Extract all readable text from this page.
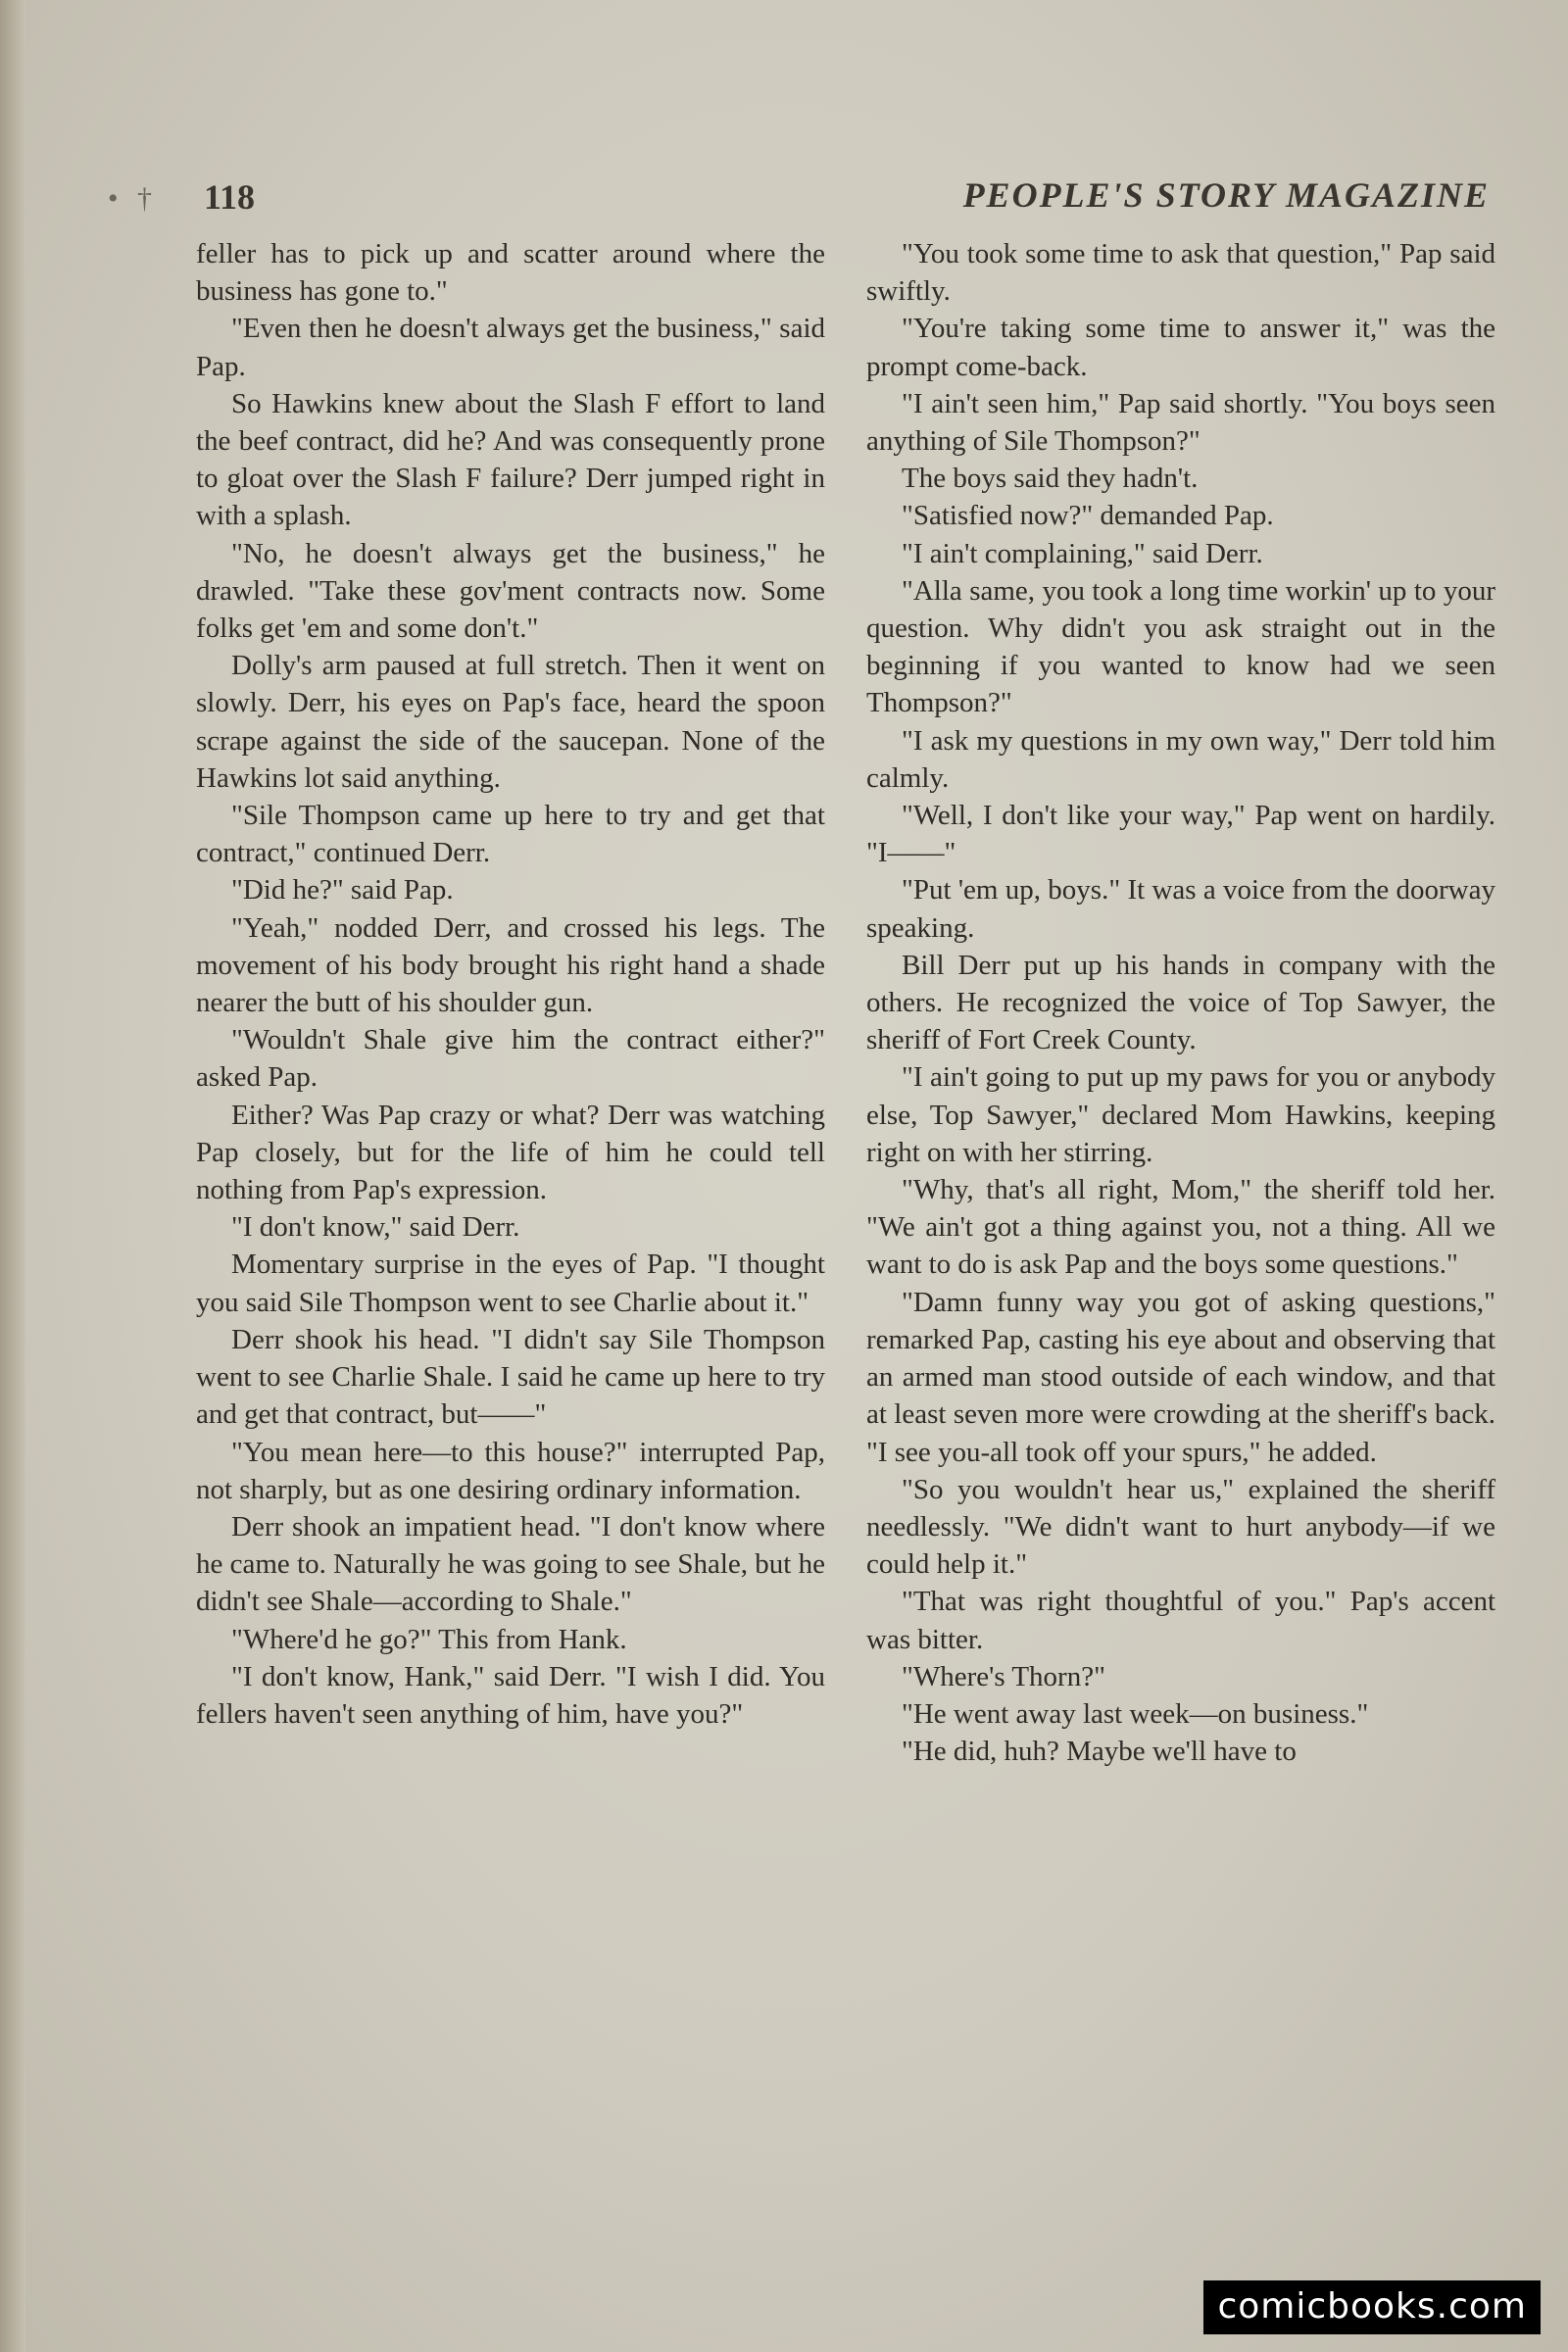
• † 118	PEOPLE'S STORY MAGAZINE

feller has to pick up and scatter around where the business has gone to."

"Even then he doesn't always get the business," said Pap.

So Hawkins knew about the Slash F effort to land the beef contract, did he? And was consequently prone to gloat over the Slash F failure? Derr jumped right in with a splash.

"No, he doesn't always get the business," he drawled. "Take these gov'ment contracts now. Some folks get 'em and some don't."

Dolly's arm paused at full stretch. Then it went on slowly. Derr, his eyes on Pap's face, heard the spoon scrape against the side of the saucepan. None of the Hawkins lot said anything.

"Sile Thompson came up here to try and get that contract," continued Derr.

"Did he?" said Pap.

"Yeah," nodded Derr, and crossed his legs. The movement of his body brought his right hand a shade nearer the butt of his shoulder gun.

"Wouldn't Shale give him the contract either?" asked Pap.

Either? Was Pap crazy or what? Derr was watching Pap closely, but for the life of him he could tell nothing from Pap's expression.

"I don't know," said Derr.

Momentary surprise in the eyes of Pap. "I thought you said Sile Thompson went to see Charlie about it."

Derr shook his head. "I didn't say Sile Thompson went to see Charlie Shale. I said he came up here to try and get that contract, but——"

"You mean here—to this house?" interrupted Pap, not sharply, but as one desiring ordinary information.

Derr shook an impatient head. "I don't know where he came to. Naturally he was going to see Shale, but he didn't see Shale—according to Shale."

"Where'd he go?" This from Hank.

"I don't know, Hank," said Derr. "I wish I did. You fellers haven't seen anything of him, have you?"

"You took some time to ask that question," Pap said swiftly.

"You're taking some time to answer it," was the prompt come-back.

"I ain't seen him," Pap said shortly. "You boys seen anything of Sile Thompson?"

The boys said they hadn't.

"Satisfied now?" demanded Pap.

"I ain't complaining," said Derr.

"Alla same, you took a long time workin' up to your question. Why didn't you ask straight out in the beginning if you wanted to know had we seen Thompson?"

"I ask my questions in my own way," Derr told him calmly.

"Well, I don't like your way," Pap went on hardily. "I——"

"Put 'em up, boys." It was a voice from the doorway speaking.

Bill Derr put up his hands in company with the others. He recognized the voice of Top Sawyer, the sheriff of Fort Creek County.

"I ain't going to put up my paws for you or anybody else, Top Sawyer," declared Mom Hawkins, keeping right on with her stirring.

"Why, that's all right, Mom," the sheriff told her. "We ain't got a thing against you, not a thing. All we want to do is ask Pap and the boys some questions."

"Damn funny way you got of asking questions," remarked Pap, casting his eye about and observing that an armed man stood outside of each window, and that at least seven more were crowding at the sheriff's back. "I see you-all took off your spurs," he added.

"So you wouldn't hear us," explained the sheriff needlessly. "We didn't want to hurt anybody—if we could help it."

"That was right thoughtful of you." Pap's accent was bitter.

"Where's Thorn?"

"He went away last week—on business."

"He did, huh? Maybe we'll have to

comicbooks.com
